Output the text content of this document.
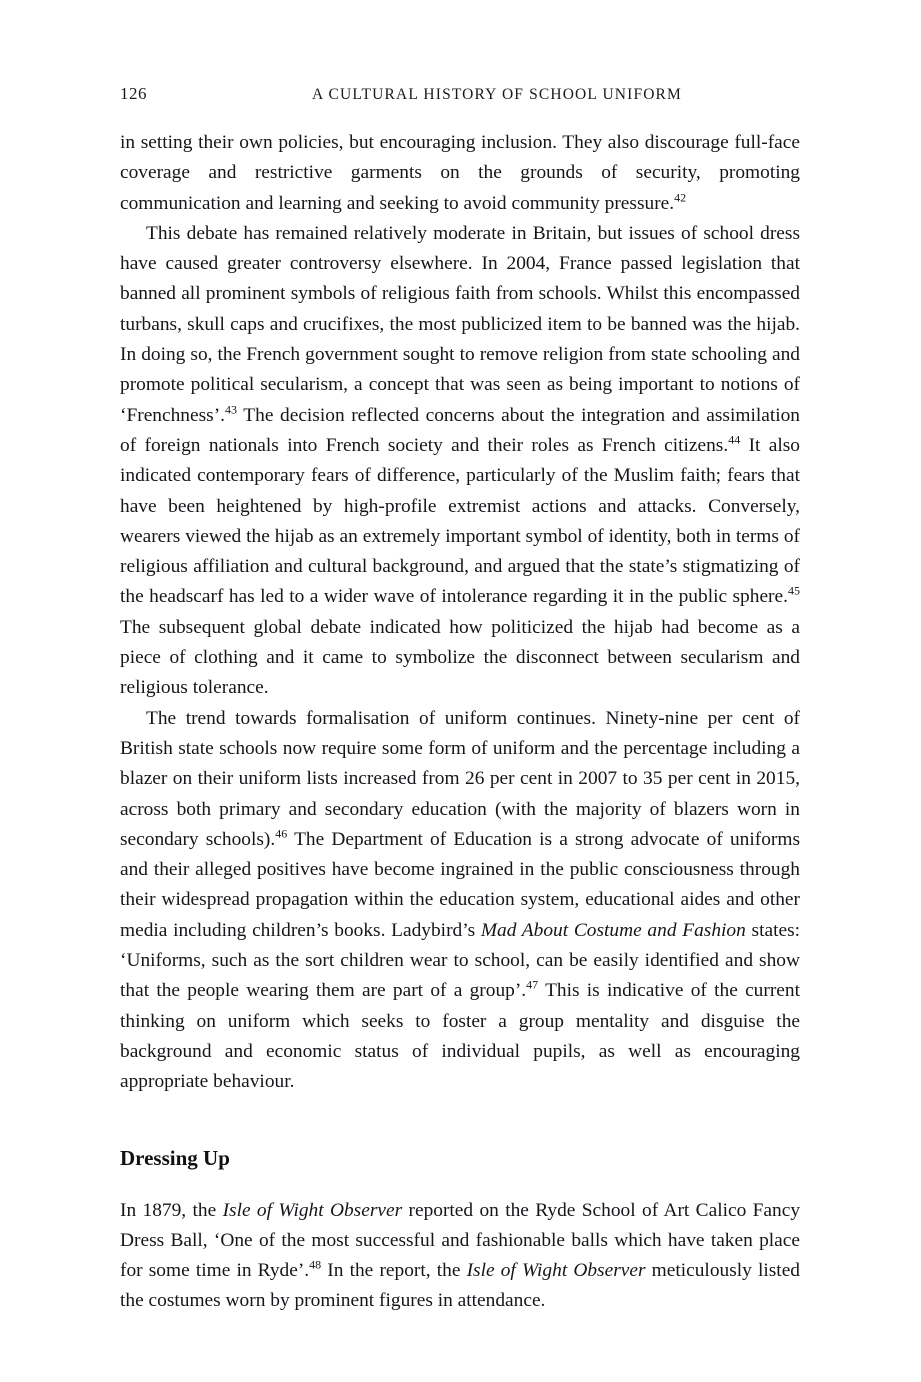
126	A CULTURAL HISTORY OF SCHOOL UNIFORM

in setting their own policies, but encouraging inclusion. They also discourage full-face coverage and restrictive garments on the grounds of security, promoting communication and learning and seeking to avoid community pressure.$^{42}$

This debate has remained relatively moderate in Britain, but issues of school dress have caused greater controversy elsewhere. In 2004, France passed legislation that banned all prominent symbols of religious faith from schools. Whilst this encompassed turbans, skull caps and crucifixes, the most publicized item to be banned was the hijab. In doing so, the French government sought to remove religion from state schooling and promote political secularism, a concept that was seen as being important to notions of ‘Frenchness’.$^{43}$ The decision reflected concerns about the integration and assimilation of foreign nationals into French society and their roles as French citizens.$^{44}$ It also indicated contemporary fears of difference, particularly of the Muslim faith; fears that have been heightened by high-profile extremist actions and attacks. Conversely, wearers viewed the hijab as an extremely important symbol of identity, both in terms of religious affiliation and cultural background, and argued that the state’s stigmatizing of the headscarf has led to a wider wave of intolerance regarding it in the public sphere.$^{45}$ The subsequent global debate indicated how politicized the hijab had become as a piece of clothing and it came to symbolize the disconnect between secularism and religious tolerance.

The trend towards formalisation of uniform continues. Ninety-nine per cent of British state schools now require some form of uniform and the percentage including a blazer on their uniform lists increased from 26 per cent in 2007 to 35 per cent in 2015, across both primary and secondary education (with the majority of blazers worn in secondary schools).$^{46}$ The Department of Education is a strong advocate of uniforms and their alleged positives have become ingrained in the public consciousness through their widespread propagation within the education system, educational aides and other media including children’s books. Ladybird’s Mad About Costume and Fashion states: ‘Uniforms, such as the sort children wear to school, can be easily identified and show that the people wearing them are part of a group’.$^{47}$ This is indicative of the current thinking on uniform which seeks to foster a group mentality and disguise the background and economic status of individual pupils, as well as encouraging appropriate behaviour.

Dressing Up

In 1879, the Isle of Wight Observer reported on the Ryde School of Art Calico Fancy Dress Ball, ‘One of the most successful and fashionable balls which have taken place for some time in Ryde’.$^{48}$ In the report, the Isle of Wight Observer meticulously listed the costumes worn by prominent figures in attendance.
